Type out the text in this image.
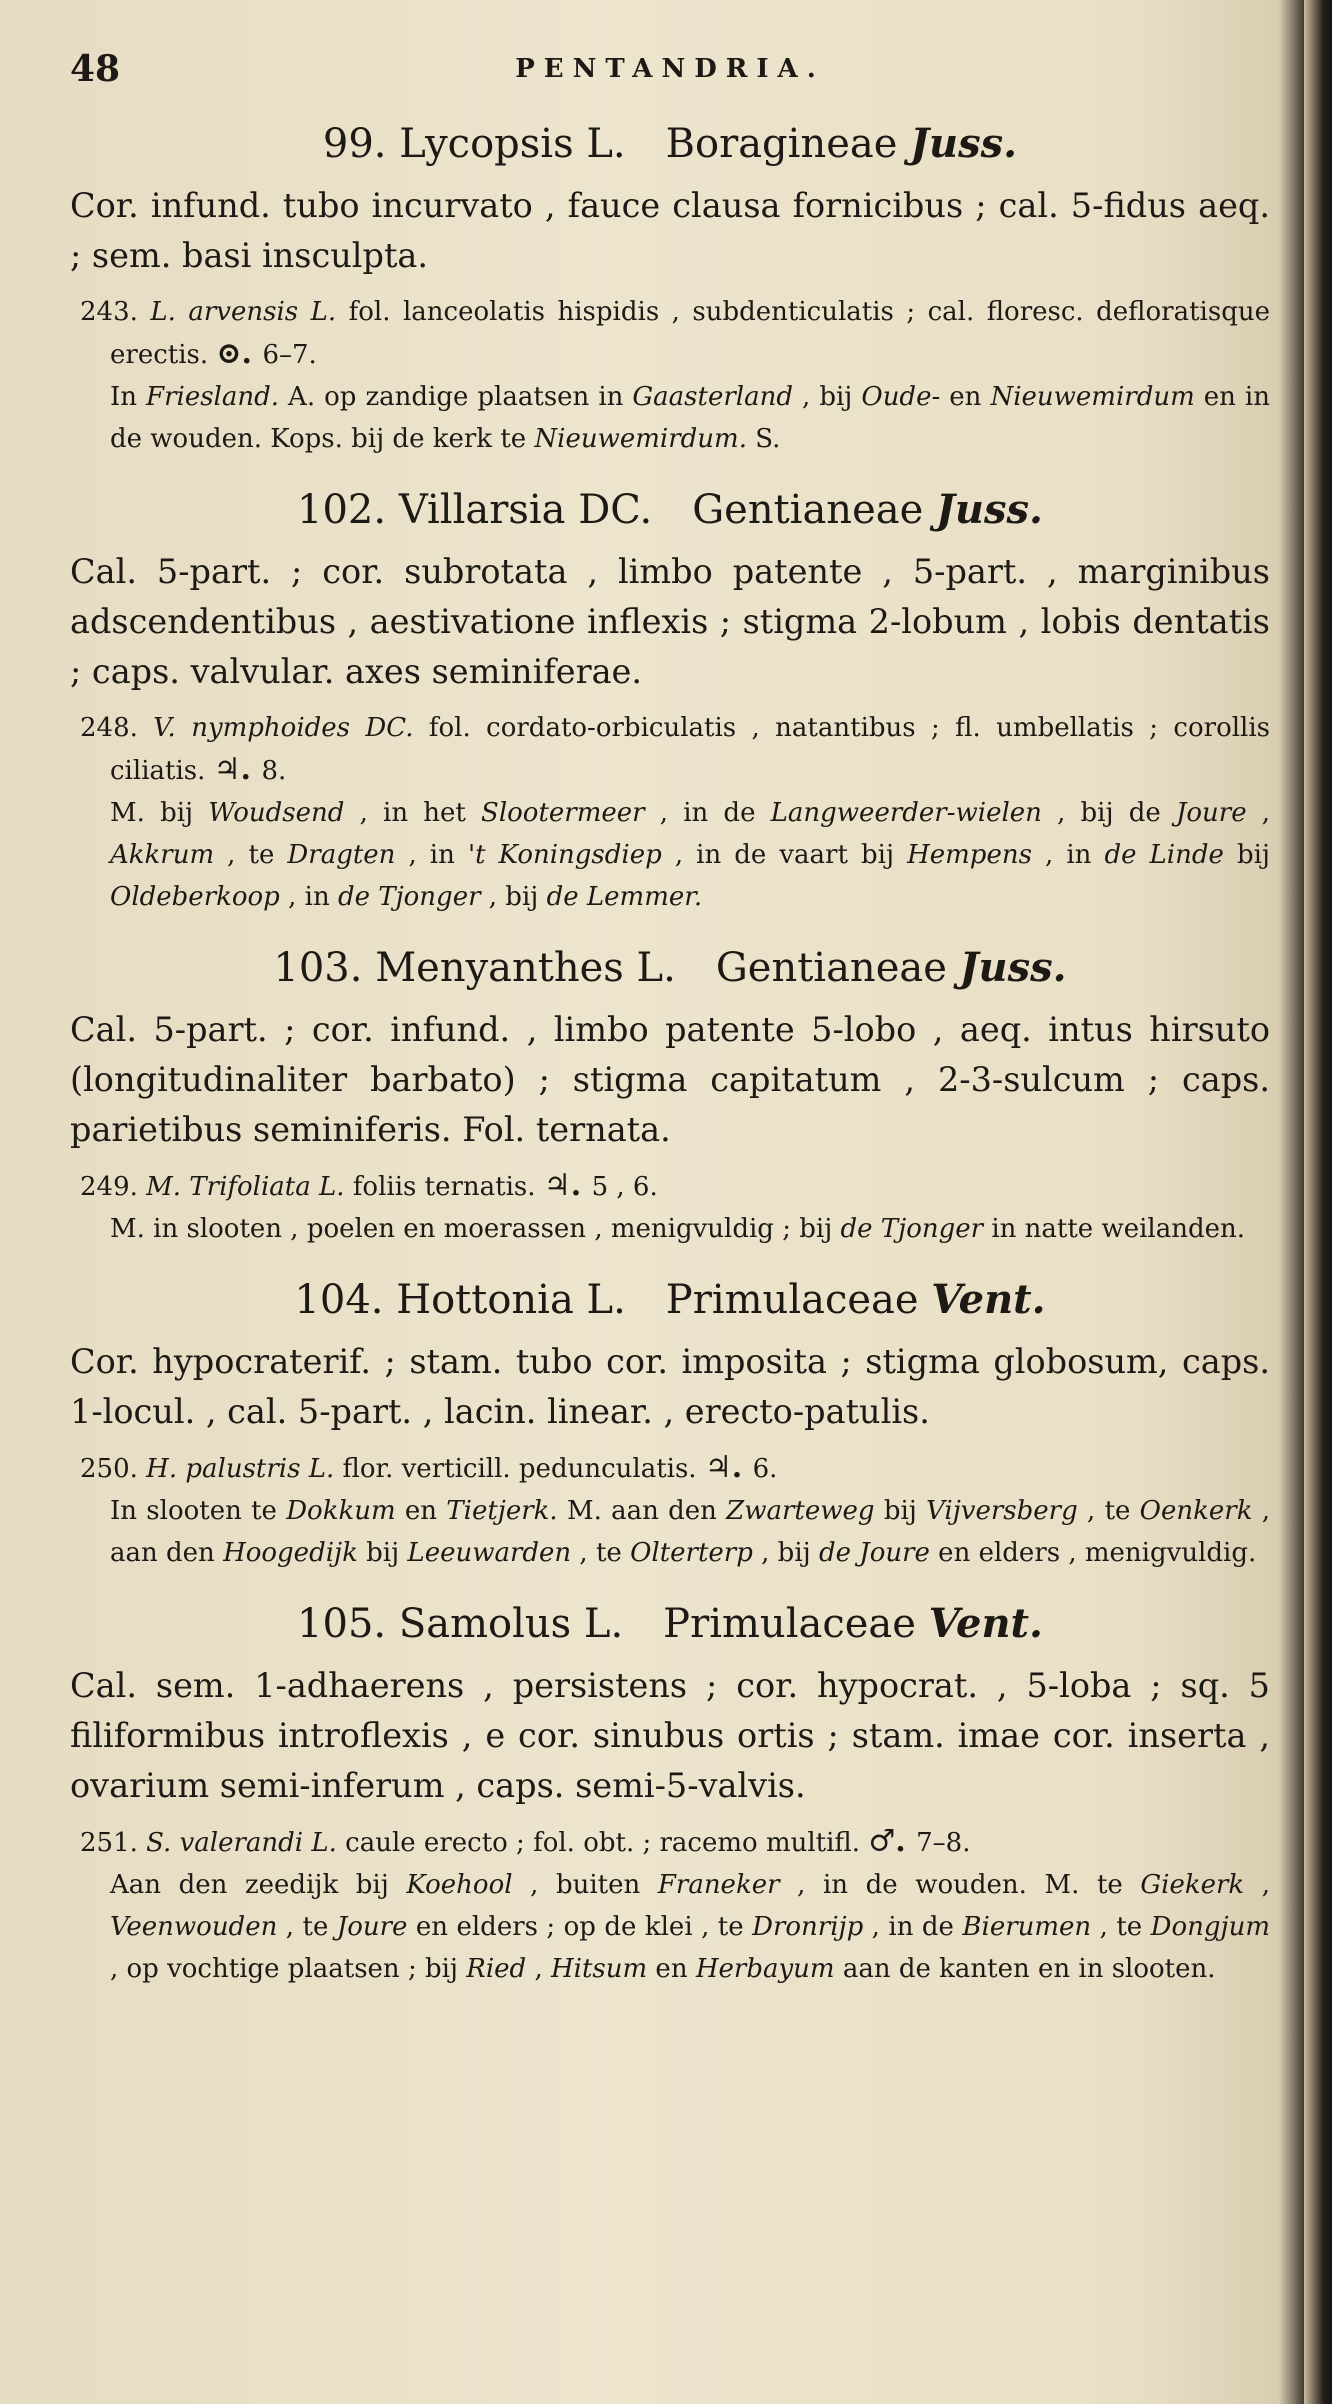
48	PENTANDRIA.
99. Lycopsis L. Boragineae Juss.

Cor. infund. tubo incurvato , fauce clausa fornicibus ; cal. 5-fidus aeq. ; sem. basi insculpta.

243. L. arvensis L. fol. lanceolatis hispidis , subdenticulatis ; cal. floresc. defloratisque erectis. ⊙. 6–7.

In Friesland. A. op zandige plaatsen in Gaasterland , bij Oude- en Nieuwemirdum en in de wouden. Kops. bij de kerk te Nieuwemirdum. S.

102. Villarsia DC. Gentianeae Juss.

Cal. 5-part. ; cor. subrotata , limbo patente , 5-part. , marginibus adscendentibus , aestivatione inflexis ; stigma 2-lobum , lobis dentatis ; caps. valvular. axes seminiferae.

248. V. nymphoides DC. fol. cordato-orbiculatis , natantibus ; fl. umbellatis ; corollis ciliatis. ♃. 8.

M. bij Woudsend , in het Slootermeer , in de Langweerder-wielen , bij de Joure , Akkrum , te Dragten , in 't Koningsdiep , in de vaart bij Hempens , in de Linde bij Oldeberkoop , in de Tjonger , bij de Lemmer.

103. Menyanthes L. Gentianeae Juss.

Cal. 5-part. ; cor. infund. , limbo patente 5-lobo , aeq. intus hirsuto (longitudinaliter barbato) ; stigma capitatum , 2-3-sulcum ; caps. parietibus seminiferis. Fol. ternata.

249. M. Trifoliata L. foliis ternatis. ♃. 5 , 6.

M. in slooten , poelen en moerassen , menigvuldig ; bij de Tjonger in natte weilanden.

104. Hottonia L. Primulaceae Vent.

Cor. hypocraterif. ; stam. tubo cor. imposita ; stigma globosum, caps. 1-locul. , cal. 5-part. , lacin. linear. , erecto-patulis.

250. H. palustris L. flor. verticill. pedunculatis. ♃. 6.

In slooten te Dokkum en Tietjerk. M. aan den Zwarteweg bij Vijversberg , te Oenkerk , aan den Hoogedijk bij Leeuwarden , te Olterterp , bij de Joure en elders , menigvuldig.

105. Samolus L. Primulaceae Vent.

Cal. sem. 1-adhaerens , persistens ; cor. hypocrat. , 5-loba ; sq. 5 filiformibus introflexis , e cor. sinubus ortis ; stam. imae cor. inserta , ovarium semi-inferum , caps. semi-5-valvis.

251. S. valerandi L. caule erecto ; fol. obt. ; racemo multifl. ♂. 7–8.

Aan den zeedijk bij Koehool , buiten Franeker , in de wouden. M. te Giekerk , Veenwouden , te Joure en elders ; op de klei , te Dronrijp , in de Bierumen , te Dongjum , op vochtige plaatsen ; bij Ried , Hitsum en Herbayum aan de kanten en in slooten.
